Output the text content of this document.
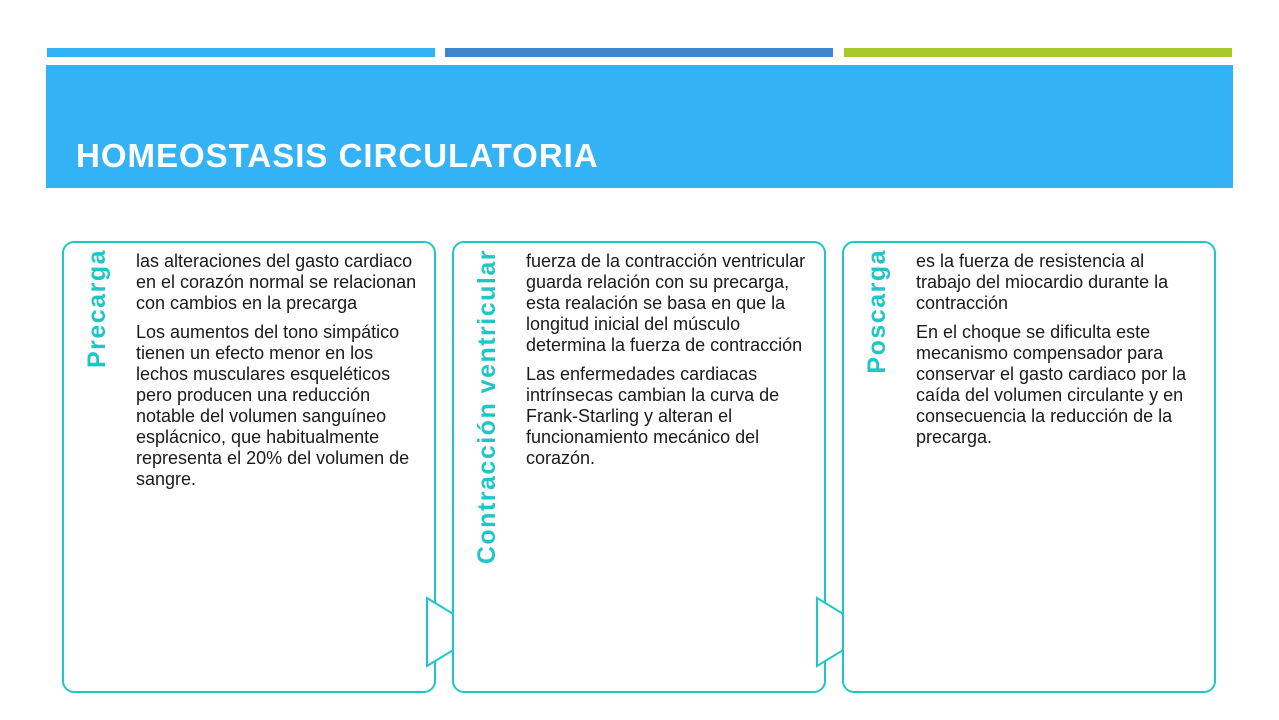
HOMEOSTASIS CIRCULATORIA
Precarga las alteraciones del gasto cardiaco en el corazón normal se relacionan con cambios en la precarga

Los aumentos del tono simpático tienen un efecto menor en los lechos musculares esqueléticos pero producen una reducción notable del volumen sanguíneo esplácnico, que habitualmente representa el 20% del volumen de sangre.	Contracción ventricular fuerza de la contracción ventricular guarda relación con su precarga, esta realación se basa en que la longitud inicial del músculo determina la fuerza de contracción

Las enfermedades cardiacas intrínsecas cambian la curva de Frank-Starling y alteran el funcionamiento mecánico del corazón.

Poscarga es la fuerza de resistencia al trabajo del miocardio durante la contracción

En el choque se dificulta este mecanismo compensador para conservar el gasto cardiaco por la caída del volumen circulante y en consecuencia la reducción de la precarga.
